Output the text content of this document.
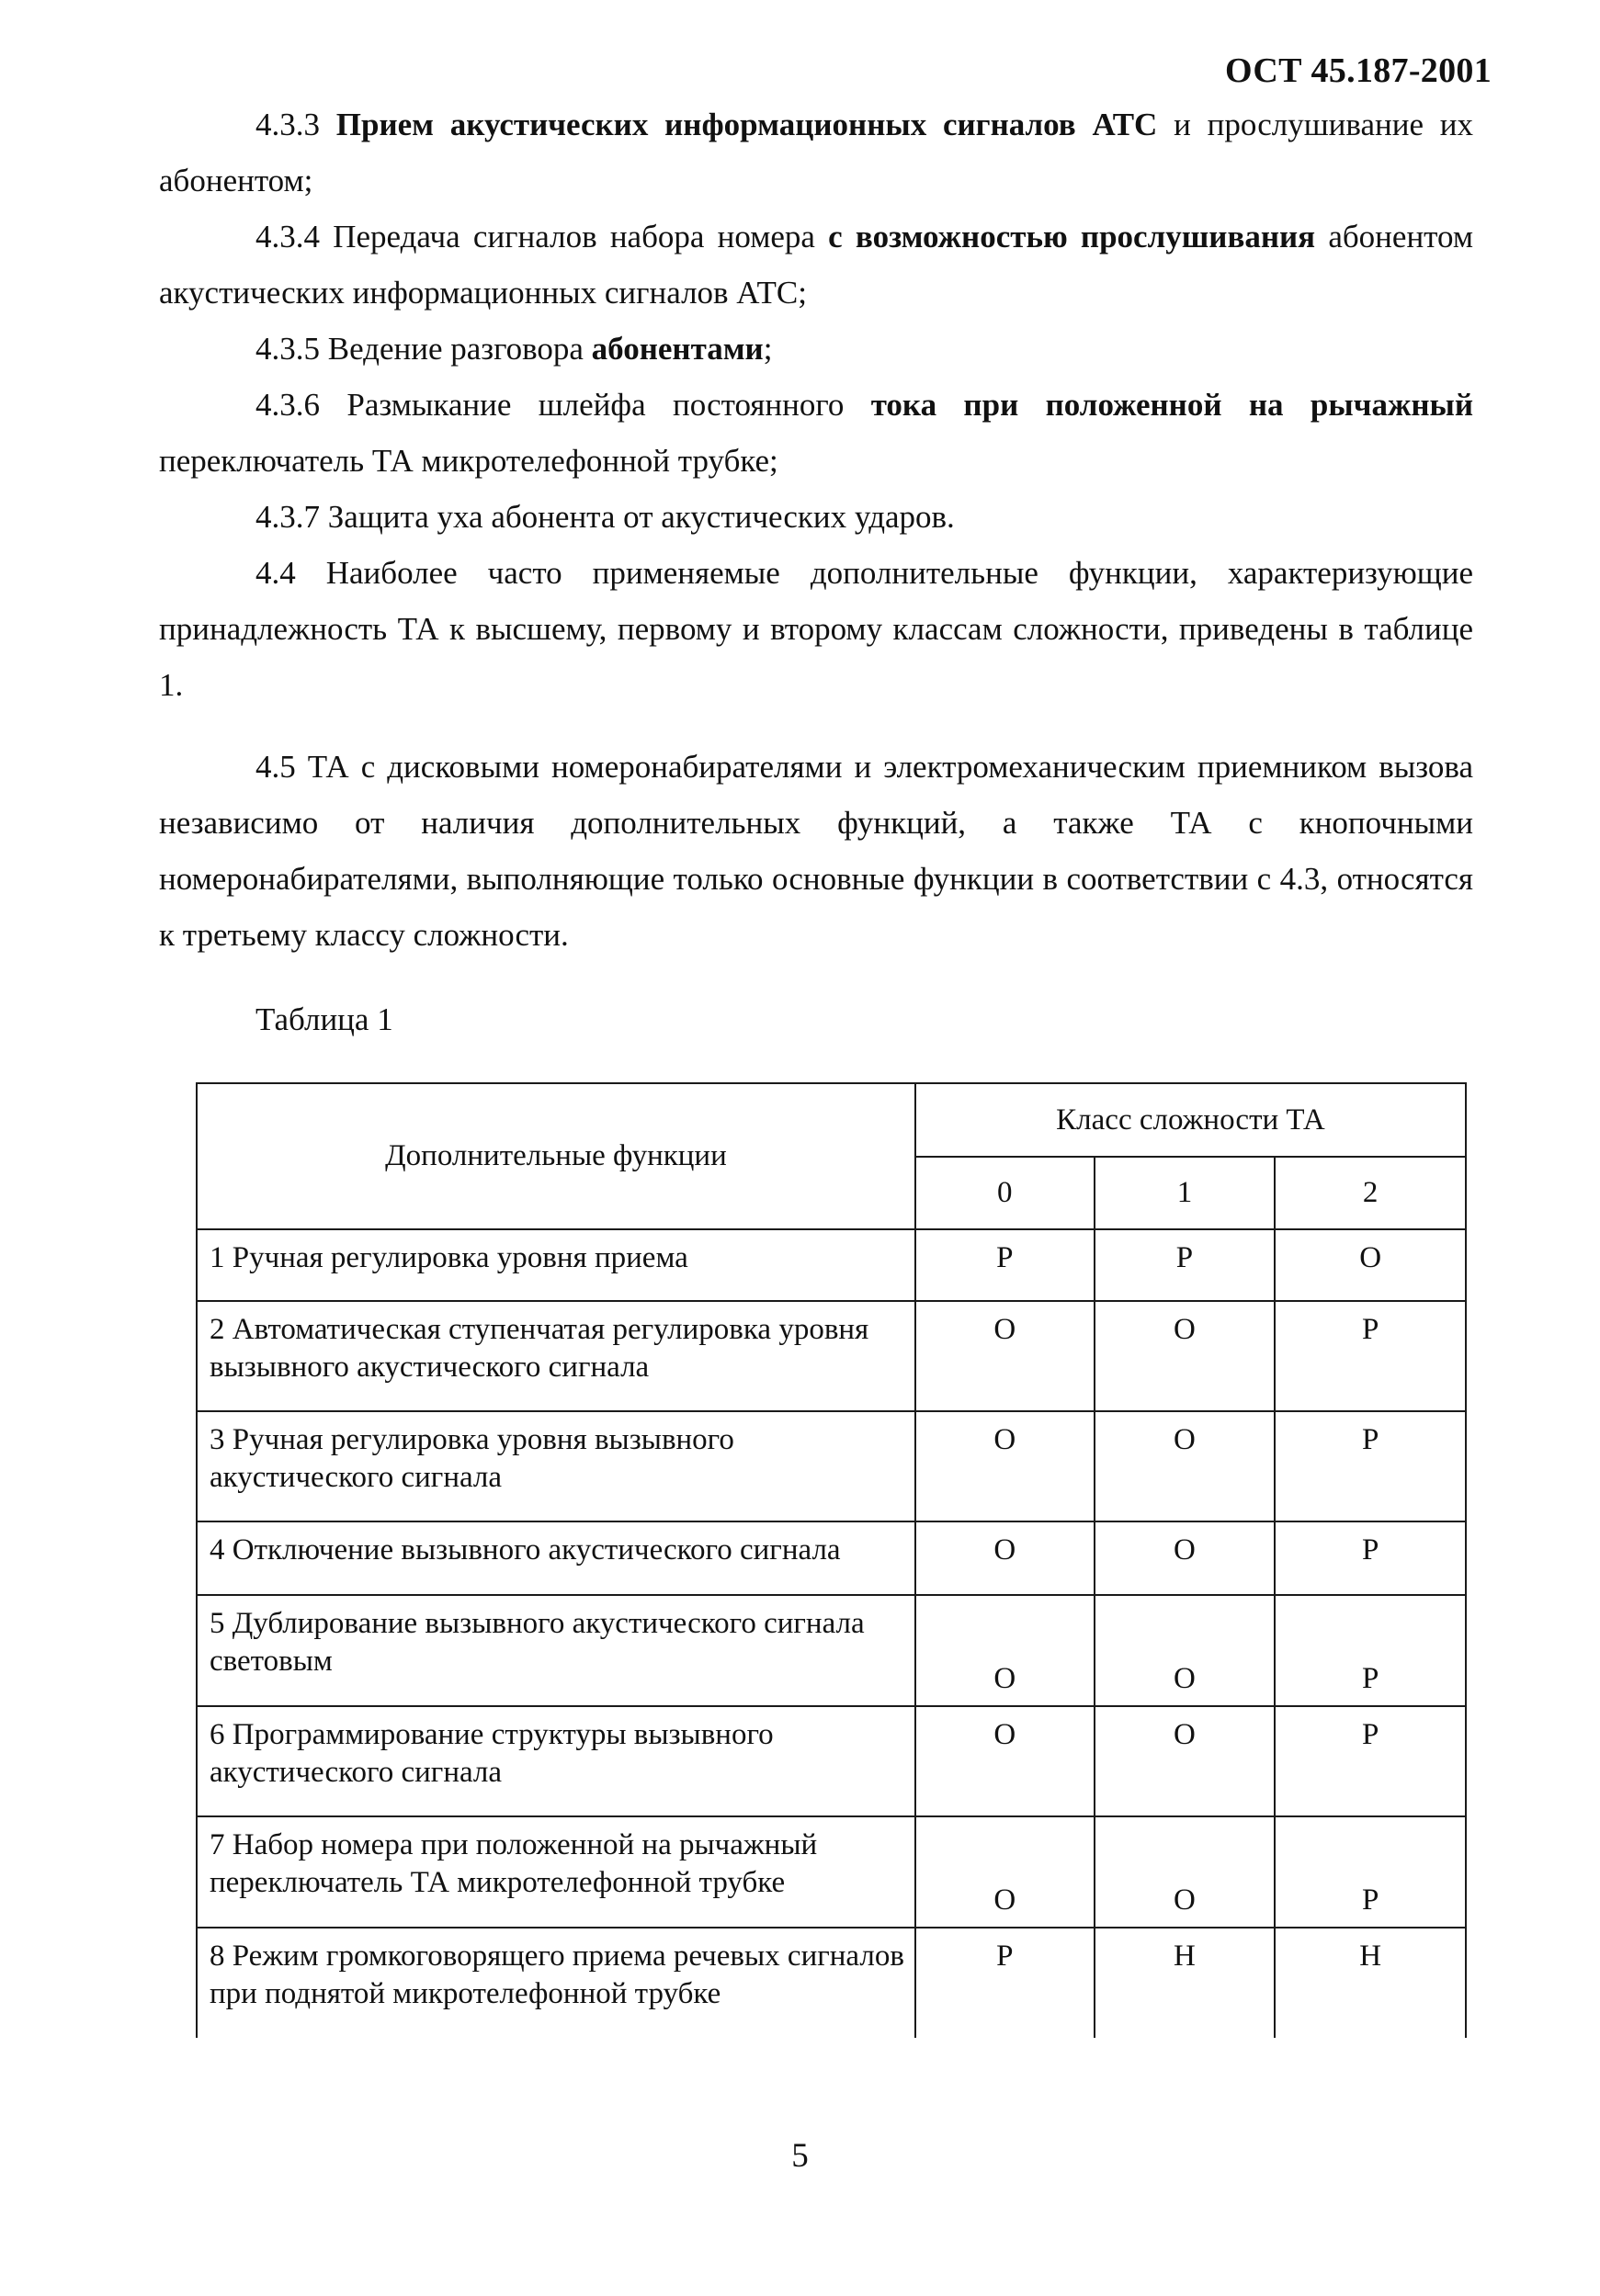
ОСТ 45.187-2001

4.3.3 Прием акустических информационных сигналов АТС и прослушивание их абонентом;

4.3.4 Передача сигналов набора номера с возможностью прослушивания абонентом акустических информационных сигналов АТС;

4.3.5 Ведение разговора абонентами;

4.3.6 Размыкание шлейфа постоянного тока при положенной на рычажный переключатель ТА микротелефонной трубке;

4.3.7 Защита уха абонента от акустических ударов.

4.4 Наиболее часто применяемые дополнительные функции, характеризующие принадлежность ТА к высшему, первому и второму классам сложности, приведены в таблице 1.

4.5 ТА с дисковыми номеронабирателями и электромеханическим приемником вызова независимо от наличия дополнительных функций, а также ТА с кнопочными номеронабирателями, выполняющие только основные функции в соответствии с 4.3, относятся к третьему классу сложности.

Таблица 1
Дополнительные функции	Класс сложности ТА		
	0	1	2
1 Ручная регулировка уровня приема	Р	Р	О
2 Автоматическая ступенчатая регулировка уровня вызывного акустического сигнала	О	О	Р
3 Ручная регулировка уровня вызывного акустического сигнала	О	О	Р
4 Отключение вызывного акустического сигнала	О	О	Р
5 Дублирование вызывного акустического сигнала световым	О	О	Р
6 Программирование структуры вызывного акустического сигнала	О	О	Р
7 Набор номера при положенной на рычажный переключатель ТА микротелефонной трубке	О	О	Р
8 Режим громкоговорящего приема речевых сигналов при поднятой микротелефонной трубке	Р	Н	Н
5
